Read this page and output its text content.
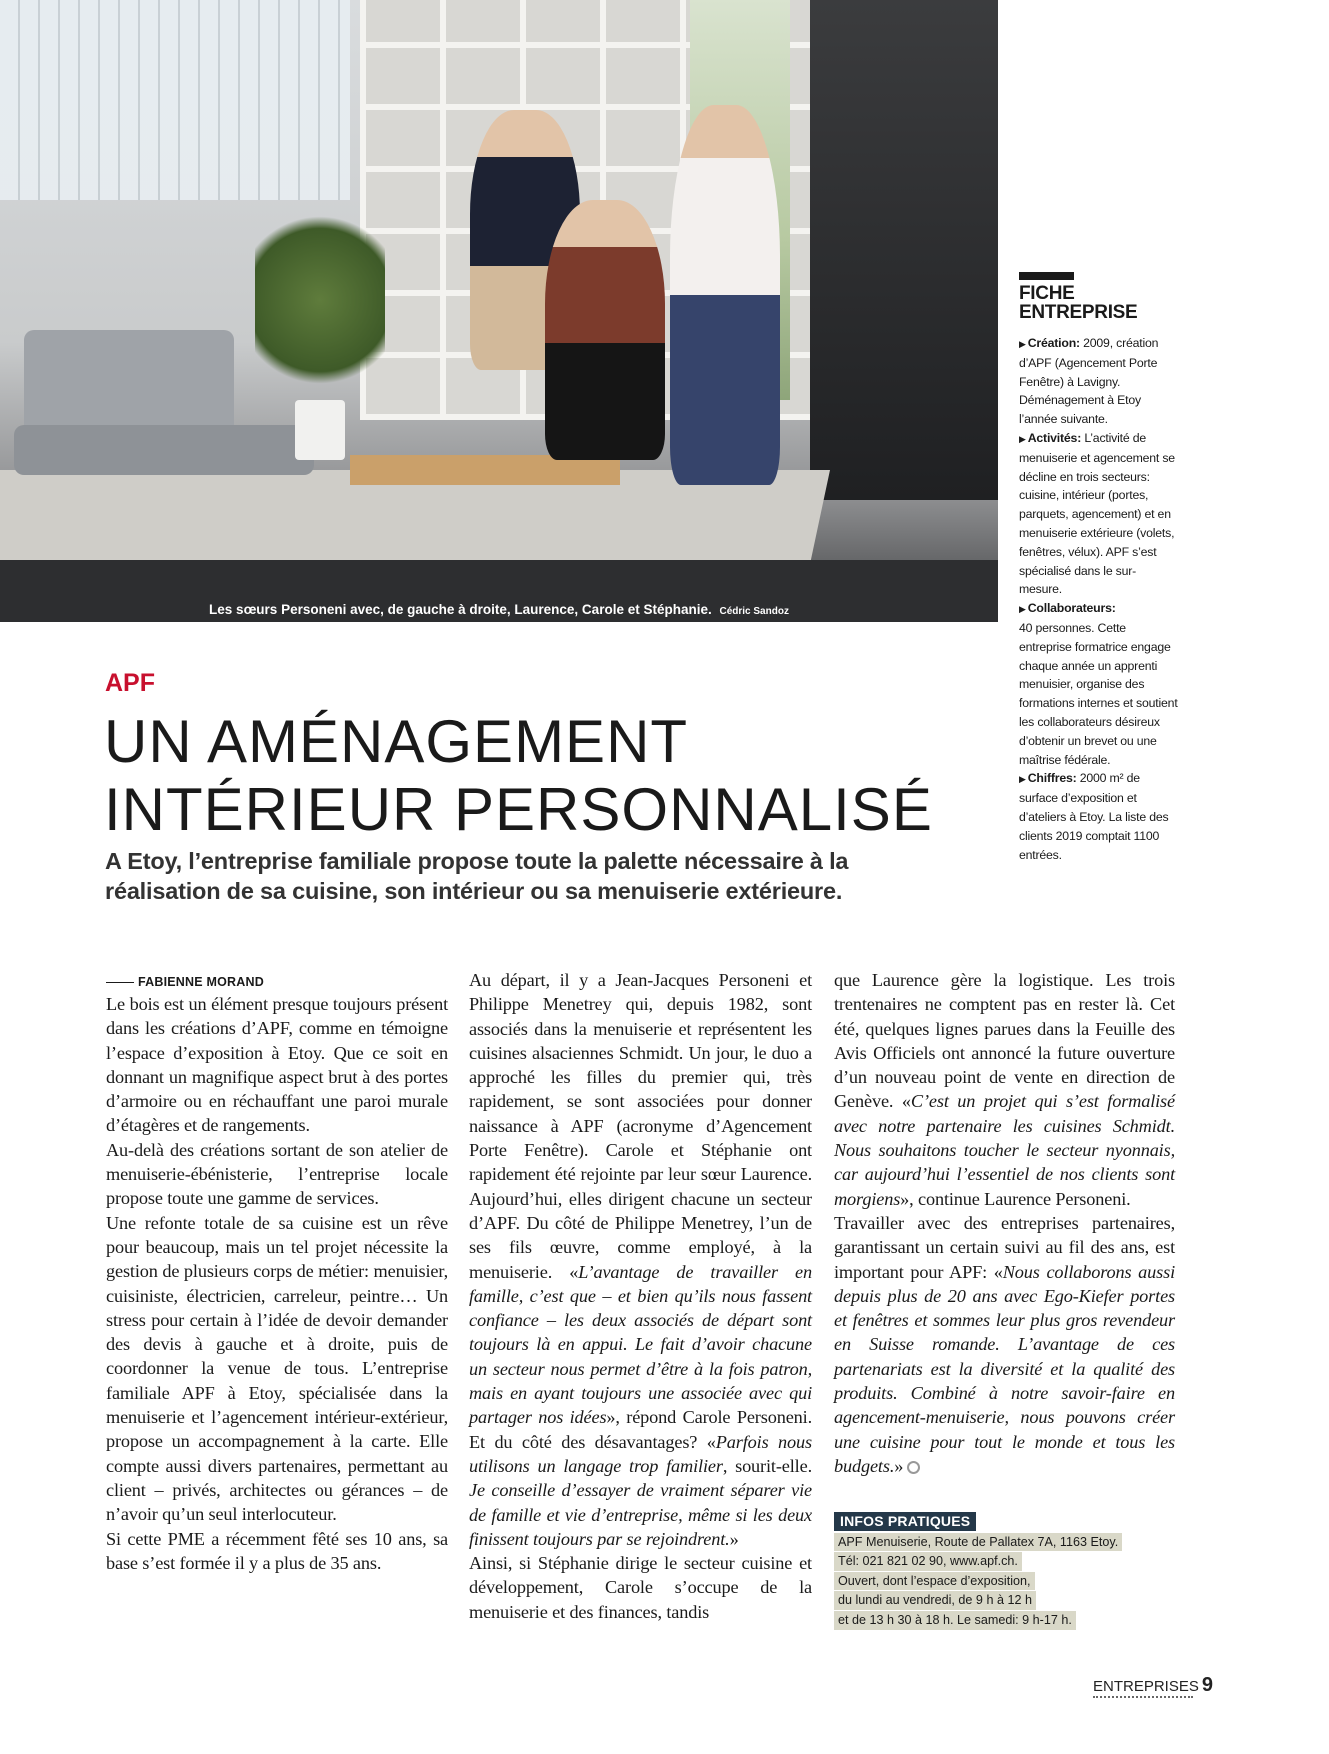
Les sœurs Personeni avec, de gauche à droite, Laurence, Carole et Stéphanie. Cédric Sandoz
FICHE ENTREPRISE
▶ Création: 2009, création d’APF (Agencement Porte Fenêtre) à Lavigny. Déménagement à Etoy l’année suivante.
▶ Activités: L’activité de menuiserie et agencement se décline en trois secteurs: cuisine, intérieur (portes, parquets, agencement) et en menuiserie extérieure (volets, fenêtres, vélux). APF s’est spécialisé dans le sur-mesure.
▶ Collaborateurs:
40 personnes. Cette entreprise formatrice engage chaque année un apprenti menuisier, organise des formations internes et soutient les collaborateurs désireux d’obtenir un brevet ou une maîtrise fédérale.
▶ Chiffres: 2000 m² de surface d’exposition et d’ateliers à Etoy. La liste des clients 2019 comptait 1100 entrées.
APF
UN AMÉNAGEMENT
INTÉRIEUR PERSONNALISÉ

A Etoy, l’entreprise familiale propose toute la palette nécessaire à la réalisation de sa cuisine, son intérieur ou sa menuiserie extérieure.

FABIENNE MORAND

Le bois est un élément presque toujours présent dans les créations d’APF, comme en témoigne l’espace d’exposition à Etoy. Que ce soit en donnant un magnifique aspect brut à des portes d’armoire ou en réchauffant une paroi murale d’étagères et de rangements.

Au-delà des créations sortant de son atelier de menuiserie-ébénisterie, l’entreprise locale propose toute une gamme de services.

Une refonte totale de sa cuisine est un rêve pour beaucoup, mais un tel projet nécessite la gestion de plusieurs corps de métier: menuisier, cuisiniste, électricien, carreleur, peintre… Un stress pour certain à l’idée de devoir demander des devis à gauche et à droite, puis de coordonner la venue de tous. L’entreprise familiale APF à Etoy, spécialisée dans la menuiserie et l’agencement intérieur-extérieur, propose un accompagnement à la carte. Elle compte aussi divers partenaires, permettant au client – privés, architectes ou gérances – de n’avoir qu’un seul interlocuteur.

Si cette PME a récemment fêté ses 10 ans, sa base s’est formée il y a plus de 35 ans.

Au départ, il y a Jean-Jacques Personeni et Philippe Menetrey qui, depuis 1982, sont associés dans la menuiserie et représentent les cuisines alsaciennes Schmidt. Un jour, le duo a approché les filles du premier qui, très rapidement, se sont associées pour donner naissance à APF (acronyme d’Agencement Porte Fenêtre). Carole et Stéphanie ont rapidement été rejointe par leur sœur Laurence. Aujourd’hui, elles dirigent chacune un secteur d’APF. Du côté de Philippe Menetrey, l’un de ses fils œuvre, comme employé, à la menuiserie. «L’avantage de travailler en famille, c’est que – et bien qu’ils nous fassent confiance – les deux associés de départ sont toujours là en appui. Le fait d’avoir chacune un secteur nous permet d’être à la fois patron, mais en ayant toujours une associée avec qui partager nos idées», répond Carole Personeni. Et du côté des désavantages? «Parfois nous utilisons un langage trop familier, sourit-elle. Je conseille d’essayer de vraiment séparer vie de famille et vie d’entreprise, même si les deux finissent toujours par se rejoindrent.»

Ainsi, si Stéphanie dirige le secteur cuisine et développement, Carole s’occupe de la menuiserie et des finances, tandis

que Laurence gère la logistique. Les trois trentenaires ne comptent pas en rester là. Cet été, quelques lignes parues dans la Feuille des Avis Officiels ont annoncé la future ouverture d’un nouveau point de vente en direction de Genève. «C’est un projet qui s’est formalisé avec notre partenaire les cuisines Schmidt. Nous souhaitons toucher le secteur nyonnais, car aujourd’hui l’essentiel de nos clients sont morgiens», continue Laurence Personeni.

Travailler avec des entreprises partenaires, garantissant un certain suivi au fil des ans, est important pour APF: «Nous collaborons aussi depuis plus de 20 ans avec Ego-Kiefer portes et fenêtres et sommes leur plus gros revendeur en Suisse romande. L’avantage de ces partenariats est la diversité et la qualité des produits. Combiné à notre savoir-faire en agencement-menuiserie, nous pouvons créer une cuisine pour tout le monde et tous les budgets.»

INFOS PRATIQUES
APF Menuiserie, Route de Pallatex 7A, 1163 Etoy.
Tél: 021 821 02 90, www.apf.ch.
Ouvert, dont l’espace d’exposition,
du lundi au vendredi, de 9 h à 12 h
et de 13 h 30 à 18 h. Le samedi: 9 h-17 h.
ENTREPRISES 9
